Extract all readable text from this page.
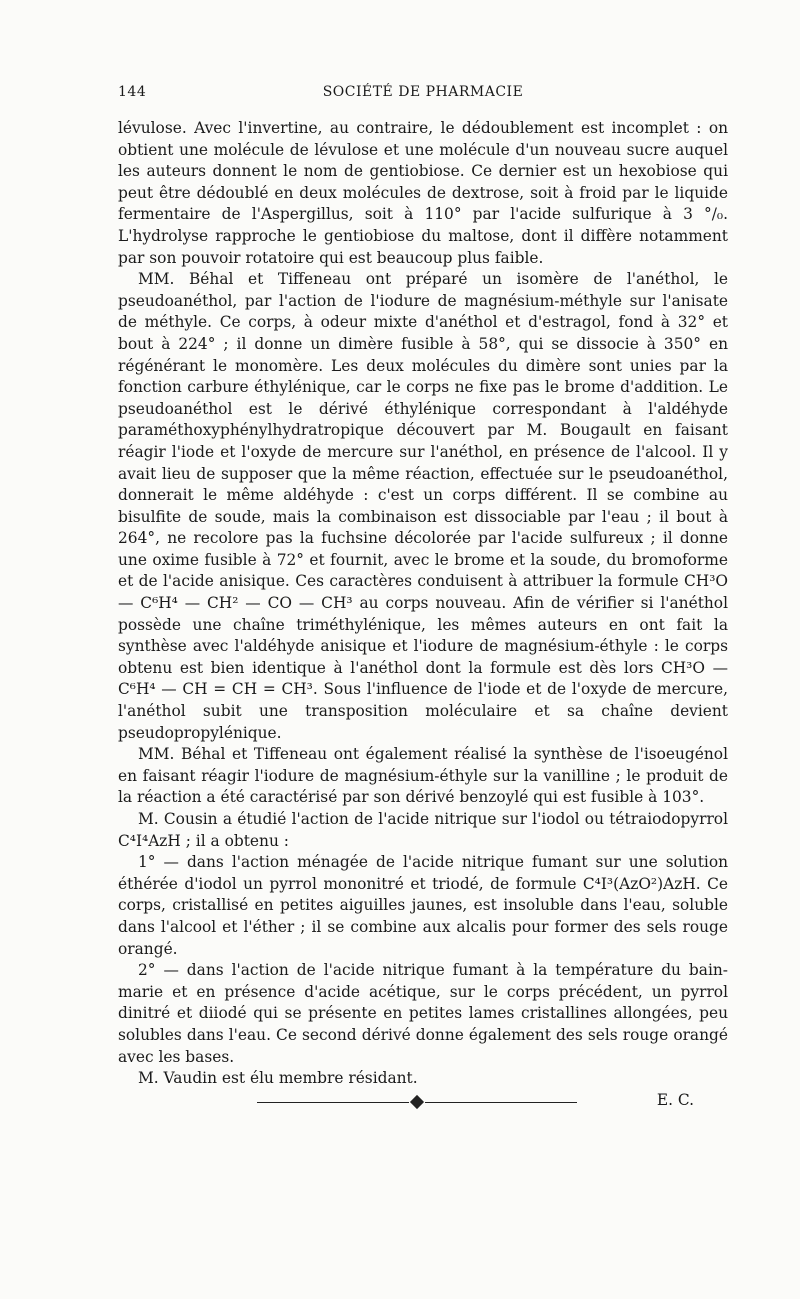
144	SOCIÉTÉ DE PHARMACIE

lévulose. Avec l'invertine, au contraire, le dédoublement est incomplet : on obtient une molécule de lévulose et une molécule d'un nouveau sucre auquel les auteurs donnent le nom de gentiobiose. Ce dernier est un hexobiose qui peut être dédoublé en deux molécules de dextrose, soit à froid par le liquide fermentaire de l'Aspergillus, soit à 110° par l'acide sulfurique à 3 °/₀. L'hydrolyse rapproche le gentiobiose du maltose, dont il diffère notamment par son pouvoir rotatoire qui est beaucoup plus faible.

MM. Béhal et Tiffeneau ont préparé un isomère de l'anéthol, le pseudoanéthol, par l'action de l'iodure de magnésium-méthyle sur l'anisate de méthyle. Ce corps, à odeur mixte d'anéthol et d'estragol, fond à 32° et bout à 224° ; il donne un dimère fusible à 58°, qui se dissocie à 350° en régénérant le monomère. Les deux molécules du dimère sont unies par la fonction carbure éthylénique, car le corps ne fixe pas le brome d'addition. Le pseudoanéthol est le dérivé éthylénique correspondant à l'aldéhyde paraméthoxyphénylhydratropique découvert par M. Bougault en faisant réagir l'iode et l'oxyde de mercure sur l'anéthol, en présence de l'alcool. Il y avait lieu de supposer que la même réaction, effectuée sur le pseudoanéthol, donnerait le même aldéhyde : c'est un corps différent. Il se combine au bisulfite de soude, mais la combinaison est dissociable par l'eau ; il bout à 264°, ne recolore pas la fuchsine décolorée par l'acide sulfureux ; il donne une oxime fusible à 72° et fournit, avec le brome et la soude, du bromoforme et de l'acide anisique. Ces caractères conduisent à attribuer la formule CH³O — C⁶H⁴ — CH² — CO — CH³ au corps nouveau. Afin de vérifier si l'anéthol possède une chaîne triméthylénique, les mêmes auteurs en ont fait la synthèse avec l'aldéhyde anisique et l'iodure de magnésium-éthyle : le corps obtenu est bien identique à l'anéthol dont la formule est dès lors CH³O — C⁶H⁴ — CH = CH = CH³. Sous l'influence de l'iode et de l'oxyde de mercure, l'anéthol subit une transposition moléculaire et sa chaîne devient pseudopropylénique.

MM. Béhal et Tiffeneau ont également réalisé la synthèse de l'isoeugénol en faisant réagir l'iodure de magnésium-éthyle sur la vanilline ; le produit de la réaction a été caractérisé par son dérivé benzoylé qui est fusible à 103°.

M. Cousin a étudié l'action de l'acide nitrique sur l'iodol ou tétraiodopyrrol C⁴I⁴AzH ; il a obtenu :

1° — dans l'action ménagée de l'acide nitrique fumant sur une solution éthérée d'iodol un pyrrol mononitré et triodé, de formule C⁴I³(AzO²)AzH. Ce corps, cristallisé en petites aiguilles jaunes, est insoluble dans l'eau, soluble dans l'alcool et l'éther ; il se combine aux alcalis pour former des sels rouge orangé.

2° — dans l'action de l'acide nitrique fumant à la température du bain-marie et en présence d'acide acétique, sur le corps précédent, un pyrrol dinitré et diiodé qui se présente en petites lames cristallines allongées, peu solubles dans l'eau. Ce second dérivé donne également des sels rouge orangé avec les bases.

M. Vaudin est élu membre résidant.

E. C.
